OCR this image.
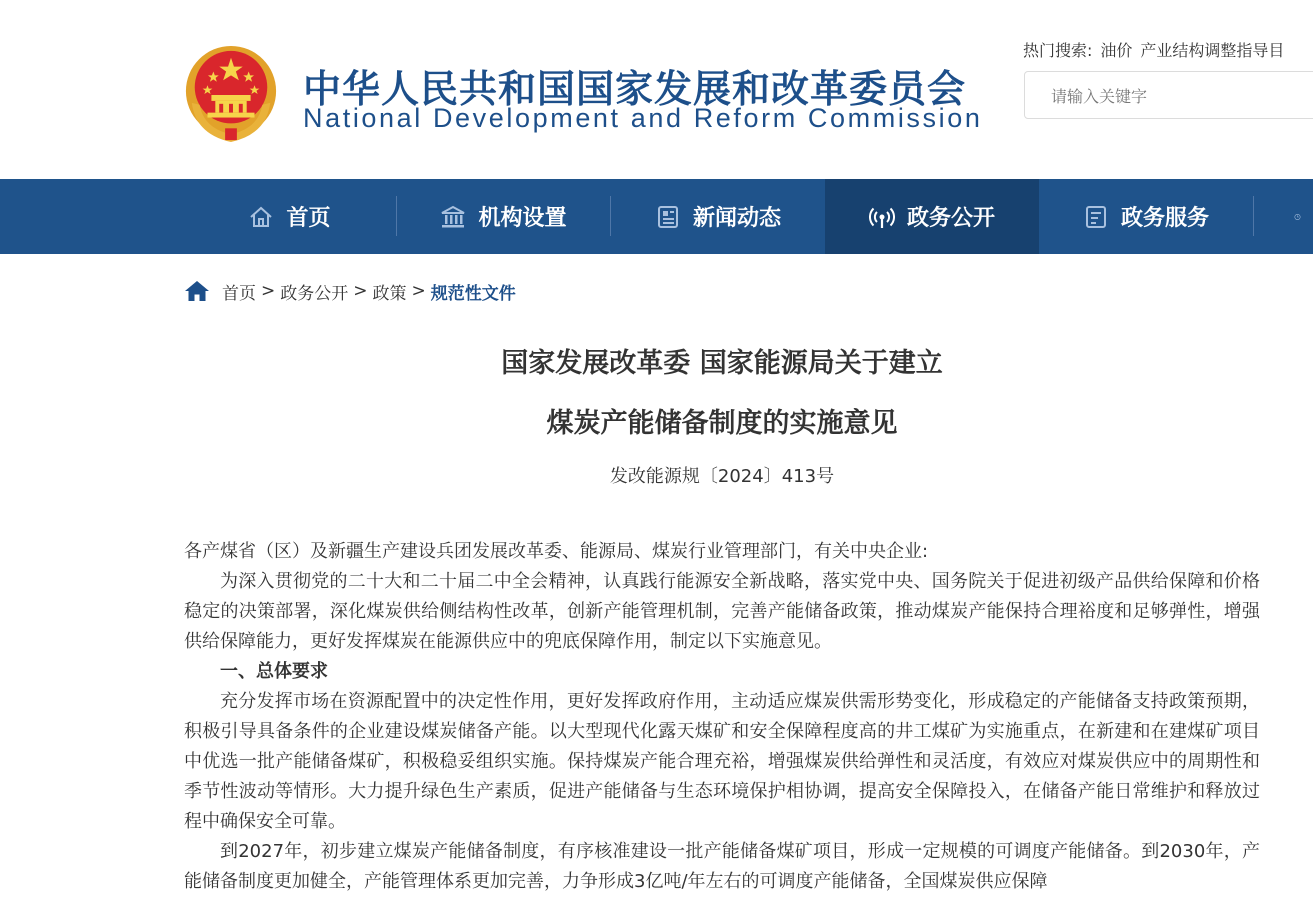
中华人民共和国国家发展和改革委员会
National Development and Reform Commission
热门搜索: 油价 产业结构调整指导目
请输入关键字
首页	机构设置	新闻动态	政务公开	政务服务
首页 > 政务公开 > 政策 > 规范性文件
国家发展改革委 国家能源局关于建立
煤炭产能储备制度的实施意见
发改能源规〔2024〕413号

各产煤省（区）及新疆生产建设兵团发展改革委、能源局、煤炭行业管理部门，有关中央企业:

为深入贯彻党的二十大和二十届二中全会精神，认真践行能源安全新战略，落实党中央、国务院关于促进初级产品供给保障和价格稳定的决策部署，深化煤炭供给侧结构性改革，创新产能管理机制，完善产能储备政策，推动煤炭产能保持合理裕度和足够弹性，增强供给保障能力，更好发挥煤炭在能源供应中的兜底保障作用，制定以下实施意见。

一、总体要求

充分发挥市场在资源配置中的决定性作用，更好发挥政府作用，主动适应煤炭供需形势变化，形成稳定的产能储备支持政策预期，积极引导具备条件的企业建设煤炭储备产能。以大型现代化露天煤矿和安全保障程度高的井工煤矿为实施重点，在新建和在建煤矿项目中优选一批产能储备煤矿，积极稳妥组织实施。保持煤炭产能合理充裕，增强煤炭供给弹性和灵活度，有效应对煤炭供应中的周期性和季节性波动等情形。大力提升绿色生产素质，促进产能储备与生态环境保护相协调，提高安全保障投入，在储备产能日常维护和释放过程中确保安全可靠。

到2027年，初步建立煤炭产能储备制度，有序核准建设一批产能储备煤矿项目，形成一定规模的可调度产能储备。到2030年，产能储备制度更加健全，产能管理体系更加完善，力争形成3亿吨/年左右的可调度产能储备，全国煤炭供应保障
